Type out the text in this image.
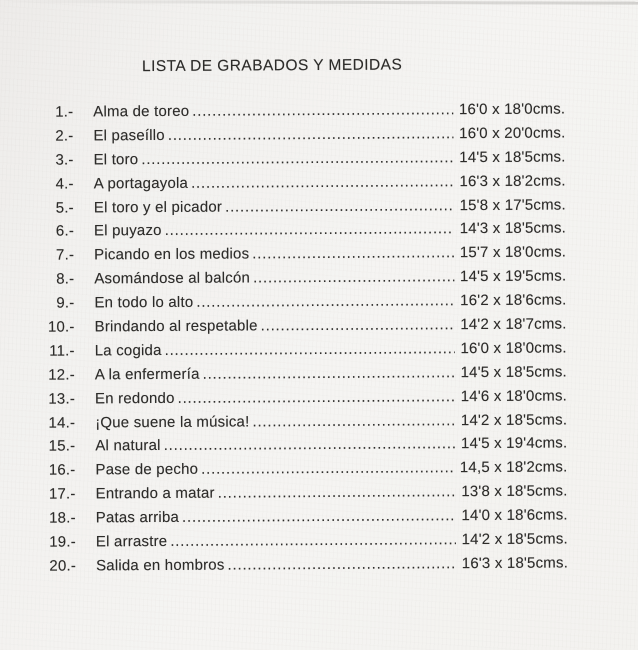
LISTA DE GRABADOS Y MEDIDAS
1.- Alma de toreo .....	16'0 x 18'0cms.
2.- El paseíllo .....	16'0 x 20'0cms.
3.- El toro .....	14'5 x 18'5cms.
4.- A portagayola .....	16'3 x 18'2cms.
5.- El toro y el picador .....	15'8 x 17'5cms.
6.- El puyazo .....	14'3 x 18'5cms.
7.- Picando en los medios .....	15'7 x 18'0cms.
8.- Asomándose al balcón .....	14'5 x 19'5cms.
9.- En todo lo alto .....	16'2 x 18'6cms.
10.- Brindando al respetable .....	14'2 x 18'7cms.
11.- La cogida .....	16'0 x 18'0cms.
12.- A la enfermería .....	14'5 x 18'5cms.
13.- En redondo .....	14'6 x 18'0cms.
14.- ¡Que suene la música! .....	14'2 x 18'5cms.
15.- Al natural .....	14'5 x 19'4cms.
16.- Pase de pecho .....	14,5 x 18'2cms.
17.- Entrando a matar .....	13'8 x 18'5cms.
18.- Patas arriba .....	14'0 x 18'6cms.
19.- El arrastre .....	14'2 x 18'5cms.
20.- Salida en hombros .....	16'3 x 18'5cms.
